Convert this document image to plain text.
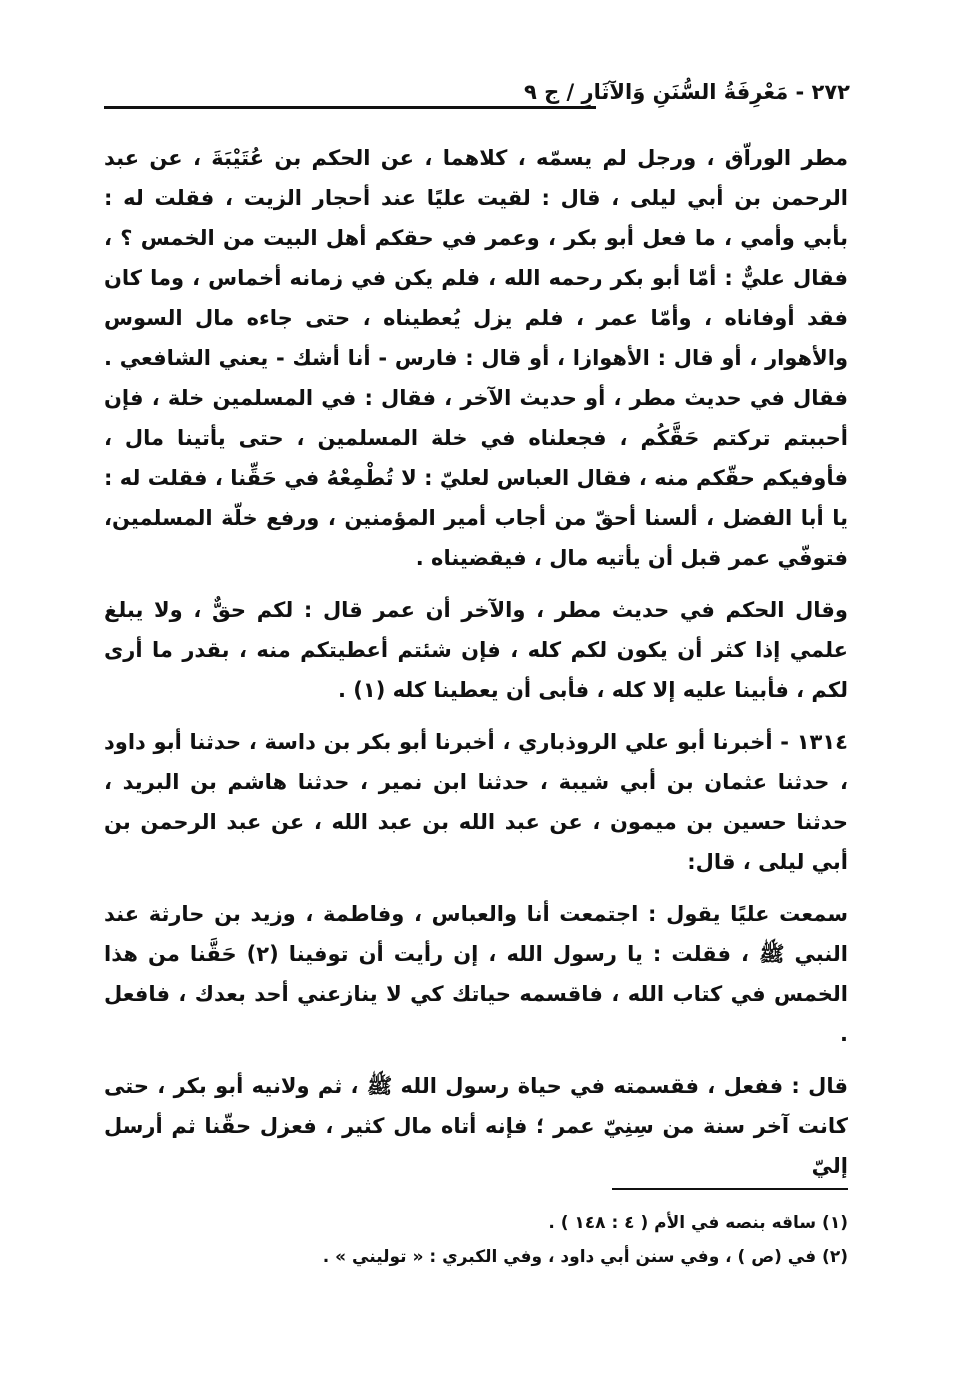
٢٧٢ - مَعْرِفَةُ السُّنَنِ وَالآثَارِ / ج ٩

مطر الوراّق ، ورجل لم يسمّه ، كلاهما ، عن الحكم بن عُتَيْبَةَ ، عن عبد الرحمن بن أبي ليلى ، قال : لقيت عليًا عند أحجار الزيت ، فقلت له : بأبي وأمي ، ما فعل أبو بكر ، وعمر في حقكم أهل البيت من الخمس ؟ ، فقال عليٌّ : أمّا أبو بكر رحمه الله ، فلم يكن في زمانه أخماس ، وما كان فقد أوفاناه ، وأمّا عمر ، فلم يزل يُعطيناه ، حتى جاءه مال السوس والأهوار ، أو قال : الأهوازا ، أو قال : فارس - أنا أشك - يعني الشافعي . فقال في حديث مطر ، أو حديث الآخر ، فقال : في المسلمين خلة ، فإن أحببتم تركتم حَقَّكُم ، فجعلناه في خلة المسلمين ، حتى يأتينا مال ، فأوفيكم حقّكم منه ، فقال العباس لعليّ : لا تُطْمِعْهُ في حَقِّنا ، فقلت له : يا أبا الفضل ، ألسنا أحقّ من أجاب أمير المؤمنين ، ورفع خلّة المسلمين، فتوفّي عمر قبل أن يأتيه مال ، فيقضيناه .

وقال الحكم في حديث مطر ، والآخر أن عمر قال : لكم حقٌّ ، ولا يبلغ علمي إذا كثر أن يكون لكم كله ، فإن شئتم أعطيتكم منه ، بقدر ما أرى لكم ، فأبينا عليه إلا كله ، فأبى أن يعطينا كله (١) .

١٣١٤ - أخبرنا أبو علي الروذباري ، أخبرنا أبو بكر بن داسة ، حدثنا أبو داود ، حدثنا عثمان بن أبي شيبة ، حدثنا ابن نمير ، حدثنا هاشم بن البريد ، حدثنا حسين بن ميمون ، عن عبد الله بن عبد الله ، عن عبد الرحمن بن أبي ليلى ، قال:

سمعت عليًا يقول : اجتمعت أنا والعباس ، وفاطمة ، وزيد بن حارثة عند النبي ﷺ ، فقلت : يا رسول الله ، إن رأيت أن توفينا (٢) حَقَّنا من هذا الخمس في كتاب الله ، فاقسمه حياتك كي لا ينازعني أحد بعدك ، فافعل .

قال : ففعل ، فقسمته في حياة رسول الله ﷺ ، ثم ولانيه أبو بكر ، حتى كانت آخر سنة من سِنِيّ عمر ؛ فإنه أتاه مال كثير ، فعزل حقّنا ثم أرسل إليّ

(١) ساقه بنصه في الأم ( ٤ : ١٤٨ ) .

(٢) في (ص ) ، وفي سنن أبي داود ، وفي الكبري : « توليني » .
